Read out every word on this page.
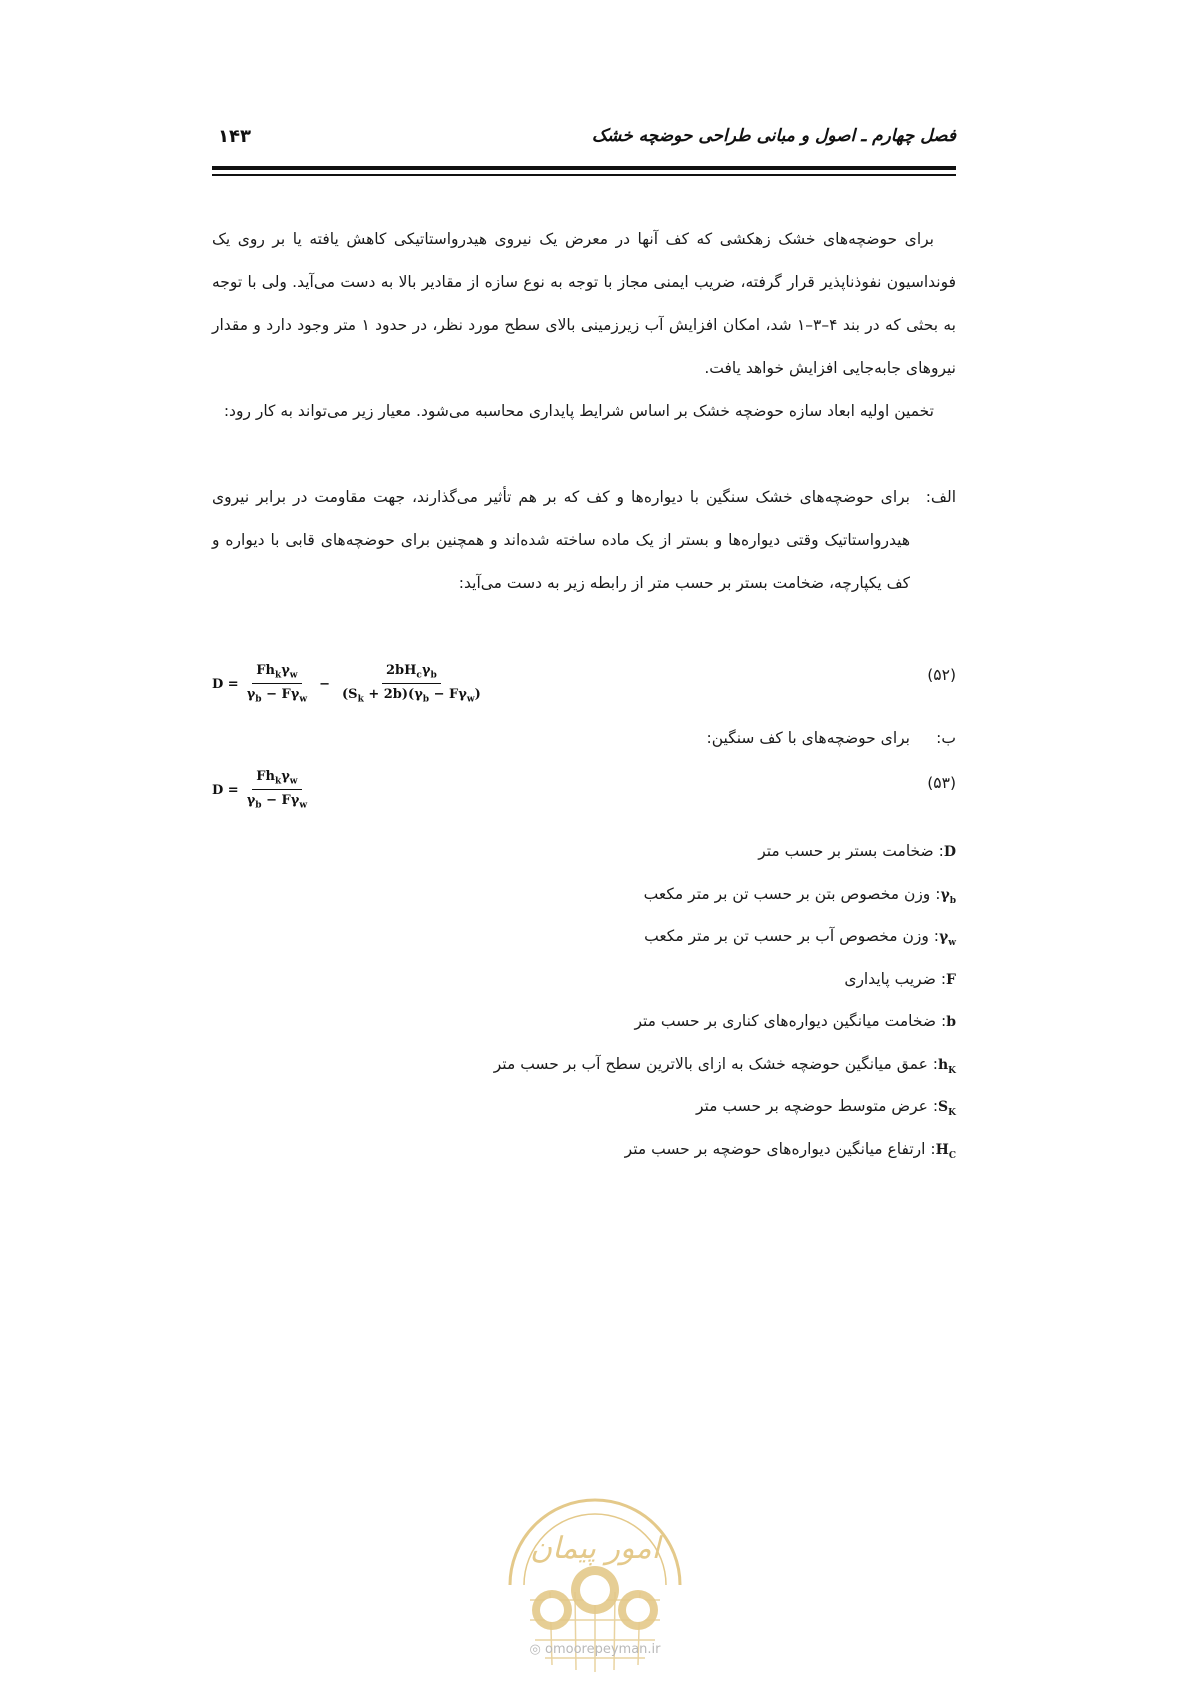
فصل چهارم ـ اصول و مبانی طراحی حوضچه خشک
۱۴۳
برای حوضچه‌های خشک زهکشی که کف آنها در معرض یک نیروی هیدرواستاتیکی کاهش یافته یا بر روی یک فونداسیون نفوذناپذیر قرار گرفته، ضریب ایمنی مجاز با توجه به نوع سازه از مقادیر بالا به دست می‌آید. ولی با توجه به بحثی که در بند ۴–۳–۱ شد، امکان افزایش آب زیرزمینی بالای سطح مورد نظر، در حدود ۱ متر وجود دارد و مقدار نیروهای جابه‌جایی افزایش خواهد یافت.
تخمین اولیه ابعاد سازه حوضچه خشک بر اساس شرایط پایداری محاسبه می‌شود. معیار زیر می‌تواند به کار رود:
الف:
برای حوضچه‌های خشک سنگین با دیواره‌ها و کف که بر هم تأثیر می‌گذارند، جهت مقاومت در برابر نیروی هیدرواستاتیک وقتی دیواره‌ها و بستر از یک ماده ساخته شده‌اند و همچنین برای حوضچه‌های قابی با دیواره و کف یکپارچه، ضخامت بستر بر حسب متر از رابطه زیر به دست می‌آید:
$D = \frac{Fh_k\gamma_w}{\gamma_b - F\gamma_w} - \frac{2bH_c\gamma_b}{(S_k + 2b)(\gamma_b - F\gamma_w)}$	(۵۲)
ب:
برای حوضچه‌های با کف سنگین:
$D = \frac{Fh_k\gamma_w}{\gamma_b - F\gamma_w}$	(۵۳)
D: ضخامت بستر بر حسب متر
$\gamma_b$: وزن مخصوص بتن بر حسب تن بر متر مکعب
$\gamma_w$: وزن مخصوص آب بر حسب تن بر متر مکعب
F: ضریب پایداری
b: ضخامت میانگین دیواره‌های کناری بر حسب متر
$h_K$: عمق میانگین حوضچه خشک به ازای بالاترین سطح آب بر حسب متر
$S_K$: عرض متوسط حوضچه بر حسب متر
$H_C$: ارتفاع میانگین دیواره‌های حوضچه بر حسب متر
امور پیمان
◎ omoorepeyman.ir
